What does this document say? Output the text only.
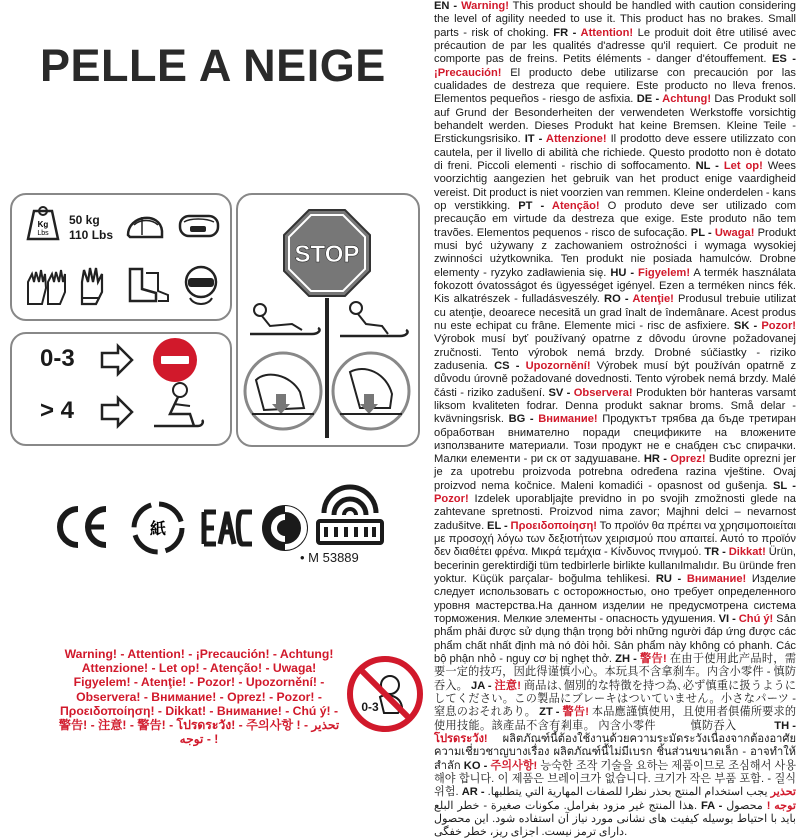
PELLE A NEIGE
Kg
Lbs
50 kg
110 Lbs
0-3
> 4
STOP
紙
• M 53889
Warning! - Attention! - ¡Precaución! - Achtung! Attenzione! - Let op! - Atenção! - Uwaga! Figyelem! - Atenţie! - Pozor! - Upozornění! - Observera! - Внимание! - Oprez! - Pozor! - Προειδοποίηση! - Dikkat! - Внимание! - Chú ý! - 警告! - 注意! - 警告! - โปรดระวัง! - 주의사항 ! - تحذير - توجه !
0-3
EN - Warning! This product should be handled with caution considering the level of agility needed to use it. This product has no brakes. Small parts - risk of choking. FR - Attention! Le produit doit être utilisé avec précaution de par les qualités d'adresse qu'il requiert. Ce produit ne comporte pas de freins. Petits éléments - danger d'étouffement. ES - ¡Precaución! El producto debe utilizarse con precaución por las cualidades de destreza que requiere. Este producto no lleva frenos. Elementos pequeños - riesgo de asfixia. DE - Achtung! Das Produkt soll auf Grund der Besonderheiten der verwendeten Werkstoffe vorsichtig behandelt werden. Dieses Produkt hat keine Bremsen. Kleine Teile - Erstickungsrisiko. IT - Attenzione! Il prodotto deve essere utilizzato con cautela, per il livello di abilità che richiede. Questo prodotto non è dotato di freni. Piccoli elementi - rischio di soffocamento. NL - Let op! Wees voorzichtig aangezien het gebruik van het product enige vaardigheid vereist. Dit product is niet voorzien van remmen. Kleine onderdelen - kans op verstikking. PT - Atenção! O produto deve ser utilizado com precaução em virtude da destreza que exige. Este produto não tem travões. Elementos pequenos - risco de sufocação. PL - Uwaga! Produkt musi być używany z zachowaniem ostrożności i wymaga wysokiej zwinności użytkownika. Ten produkt nie posiada hamulców. Drobne elementy - ryzyko zadławienia się. HU - Figyelem! A termék használata fokozott óvatosságot és ügyességet igényel. Ezen a terméken nincs fék. Kis alkatrészek - fulladásveszély. RO - Atenţie! Produsul trebuie utilizat cu atenţie, deoarece necesită un grad înalt de îndemânare. Acest produs nu este echipat cu frâne. Elemente mici - risc de asfixiere. SK - Pozor! Výrobok musí byť používaný opatrne z dôvodu úrovne požadovanej zručnosti. Tento výrobok nemá brzdy. Drobné súčiastky - riziko zadusenia. CS - Upozornění! Výrobek musí být používán opatrně z důvodu úrovně požadované dovednosti. Tento výrobek nemá brzdy. Malé části - riziko zadušení. SV - Observera! Produkten bör hanteras varsamt liksom kvaliteten fodrar. Denna produkt saknar broms. Små delar - kvävningsrisk. BG - Внимание! Продуктът трябва да бъде третиран обработван внимателно поради спецификите на вложените използваните материали. Този продукт не е снабден със спирачки. Малки елементи - ри ск от задушаване. HR - Oprez! Budite oprezni jer je za upotrebu proizvoda potrebna određena razina vještine. Ovaj proizvod nema kočnice. Maleni komadići - opasnost od gušenja. SL - Pozor! Izdelek uporabljajte previdno in po svojih zmožnosti glede na zahtevane spretnosti. Proizvod nima zavor; Majhni delci – nevarnost zadušitve. EL - Προειδοποίηση! Το προϊόν θα πρέπει να χρησιμοποιείται με προσοχή λόγω των δεξιοτήτων χειρισμού που απαιτεί. Αυτό το προϊόν δεν διαθέτει φρένα. Μικρά τεμάχια - Κίνδυνος πνιγμού. TR - Dikkat! Ürün, becerinin gerektirdiği tüm tedbirlerle birlikte kullanılmalıdır. Bu üründe fren yoktur. Küçük parçalar- boğulma tehlikesi. RU - Внимание! Изделие следует использовать с осторожностью, оно требует определенного уровня мастерства.На данном изделии не предусмотрена система торможения. Мелкие элементы - опасность удушения. VI - Chú ý! Sản phẩm phải được sử dụng thận trọng bởi những người đáp ứng được các phẩm chất nhất định mà nó đòi hỏi. Sản phẩm này không có phanh. Các bộ phận nhỏ - nguy cơ bị nghẹt thở. ZH - 警告! 在由于使用此产品时，需要一定的技巧，因此得谨慎小心。本玩具不含拿刹车。内含小零件 - 慎防吞入。 JA - 注意! 商品は､個別的な特徴を持つ為､必ず慎重に扱うようにしてください。この製品にブレーキはついていません。小さなパーツ - 窒息のおそれあり。 ZT - 警告! 本品應謹慎使用，且使用者俱備所要求的使用技能。該產品不含有剎車。 內含小零件　　　慎防吞入　　　 TH - โปรดระวัง! ผลิตภัณฑ์นี้ต้องใช้งานด้วยความระมัดระวังเนื่องจากต้องอาศัยความเชี่ยวชาญบางเรื่อง ผลิตภัณฑ์นี้ไม่มีเบรก ชิ้นส่วนขนาดเล็ก - อาจทำให้สำลัก KO - 주의사항! 능숙한 조작 기술을 요하는 제품이므로 조심해서 사용해야 합니다. 이 제품은 브레이크가 없습니다. 크기가 작은 부품 포함. - 질식 위험. AR -	تحذير يجب استخدام المنتج بحذر نظرا للصفات المهارية التي يتطلبها. هذا المنتج غير مزود بفرامل. مكونات صغيرة - خطر البلع. FA -	توجه ! محصول باید با احتیاط بوسیله کیفیت های نشانی مورد نیاز آن استفاده شود. این محصول دارای ترمز نیست. اجزای ریز، خطر خفگی.
